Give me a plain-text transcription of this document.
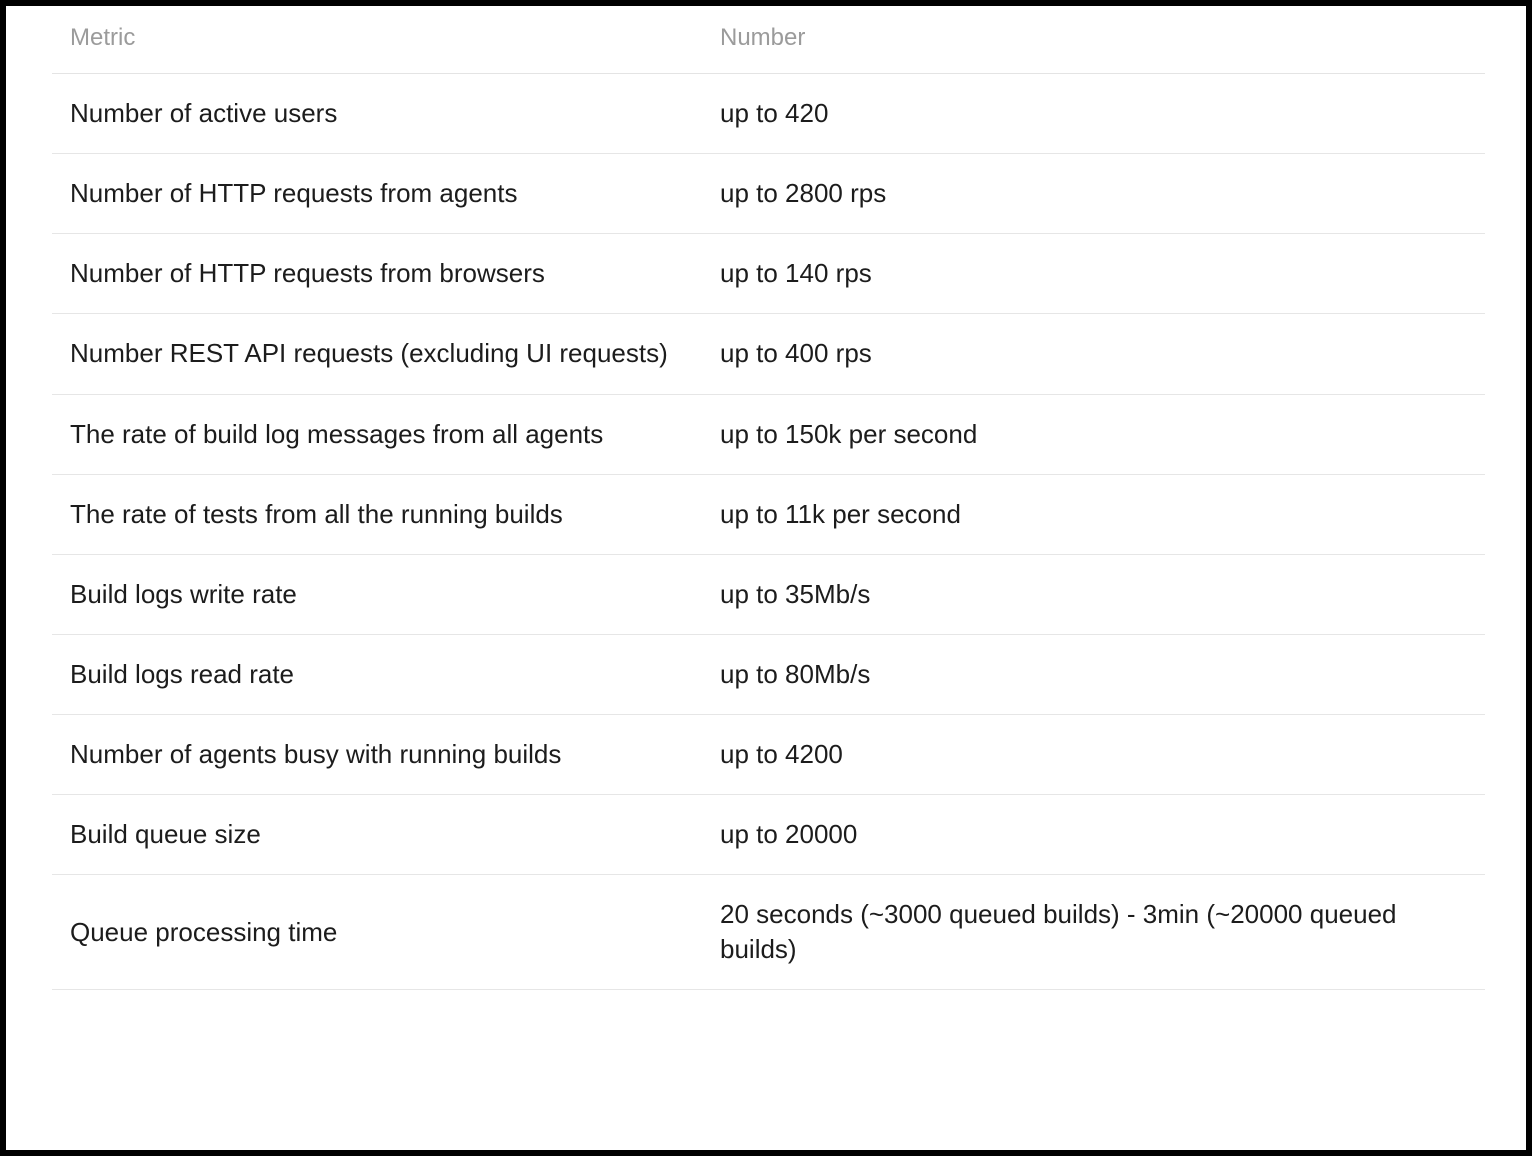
Metric	Number
Number of active users	up to 420
Number of HTTP requests from agents	up to 2800 rps
Number of HTTP requests from browsers	up to 140 rps
Number REST API requests (excluding UI requests)	up to 400 rps
The rate of build log messages from all agents	up to 150k per second
The rate of tests from all the running builds	up to 11k per second
Build logs write rate	up to 35Mb/s
Build logs read rate	up to 80Mb/s
Number of agents busy with running builds	up to 4200
Build queue size	up to 20000
Queue processing time	20 seconds (~3000 queued builds) - 3min (~20000 queued builds)
